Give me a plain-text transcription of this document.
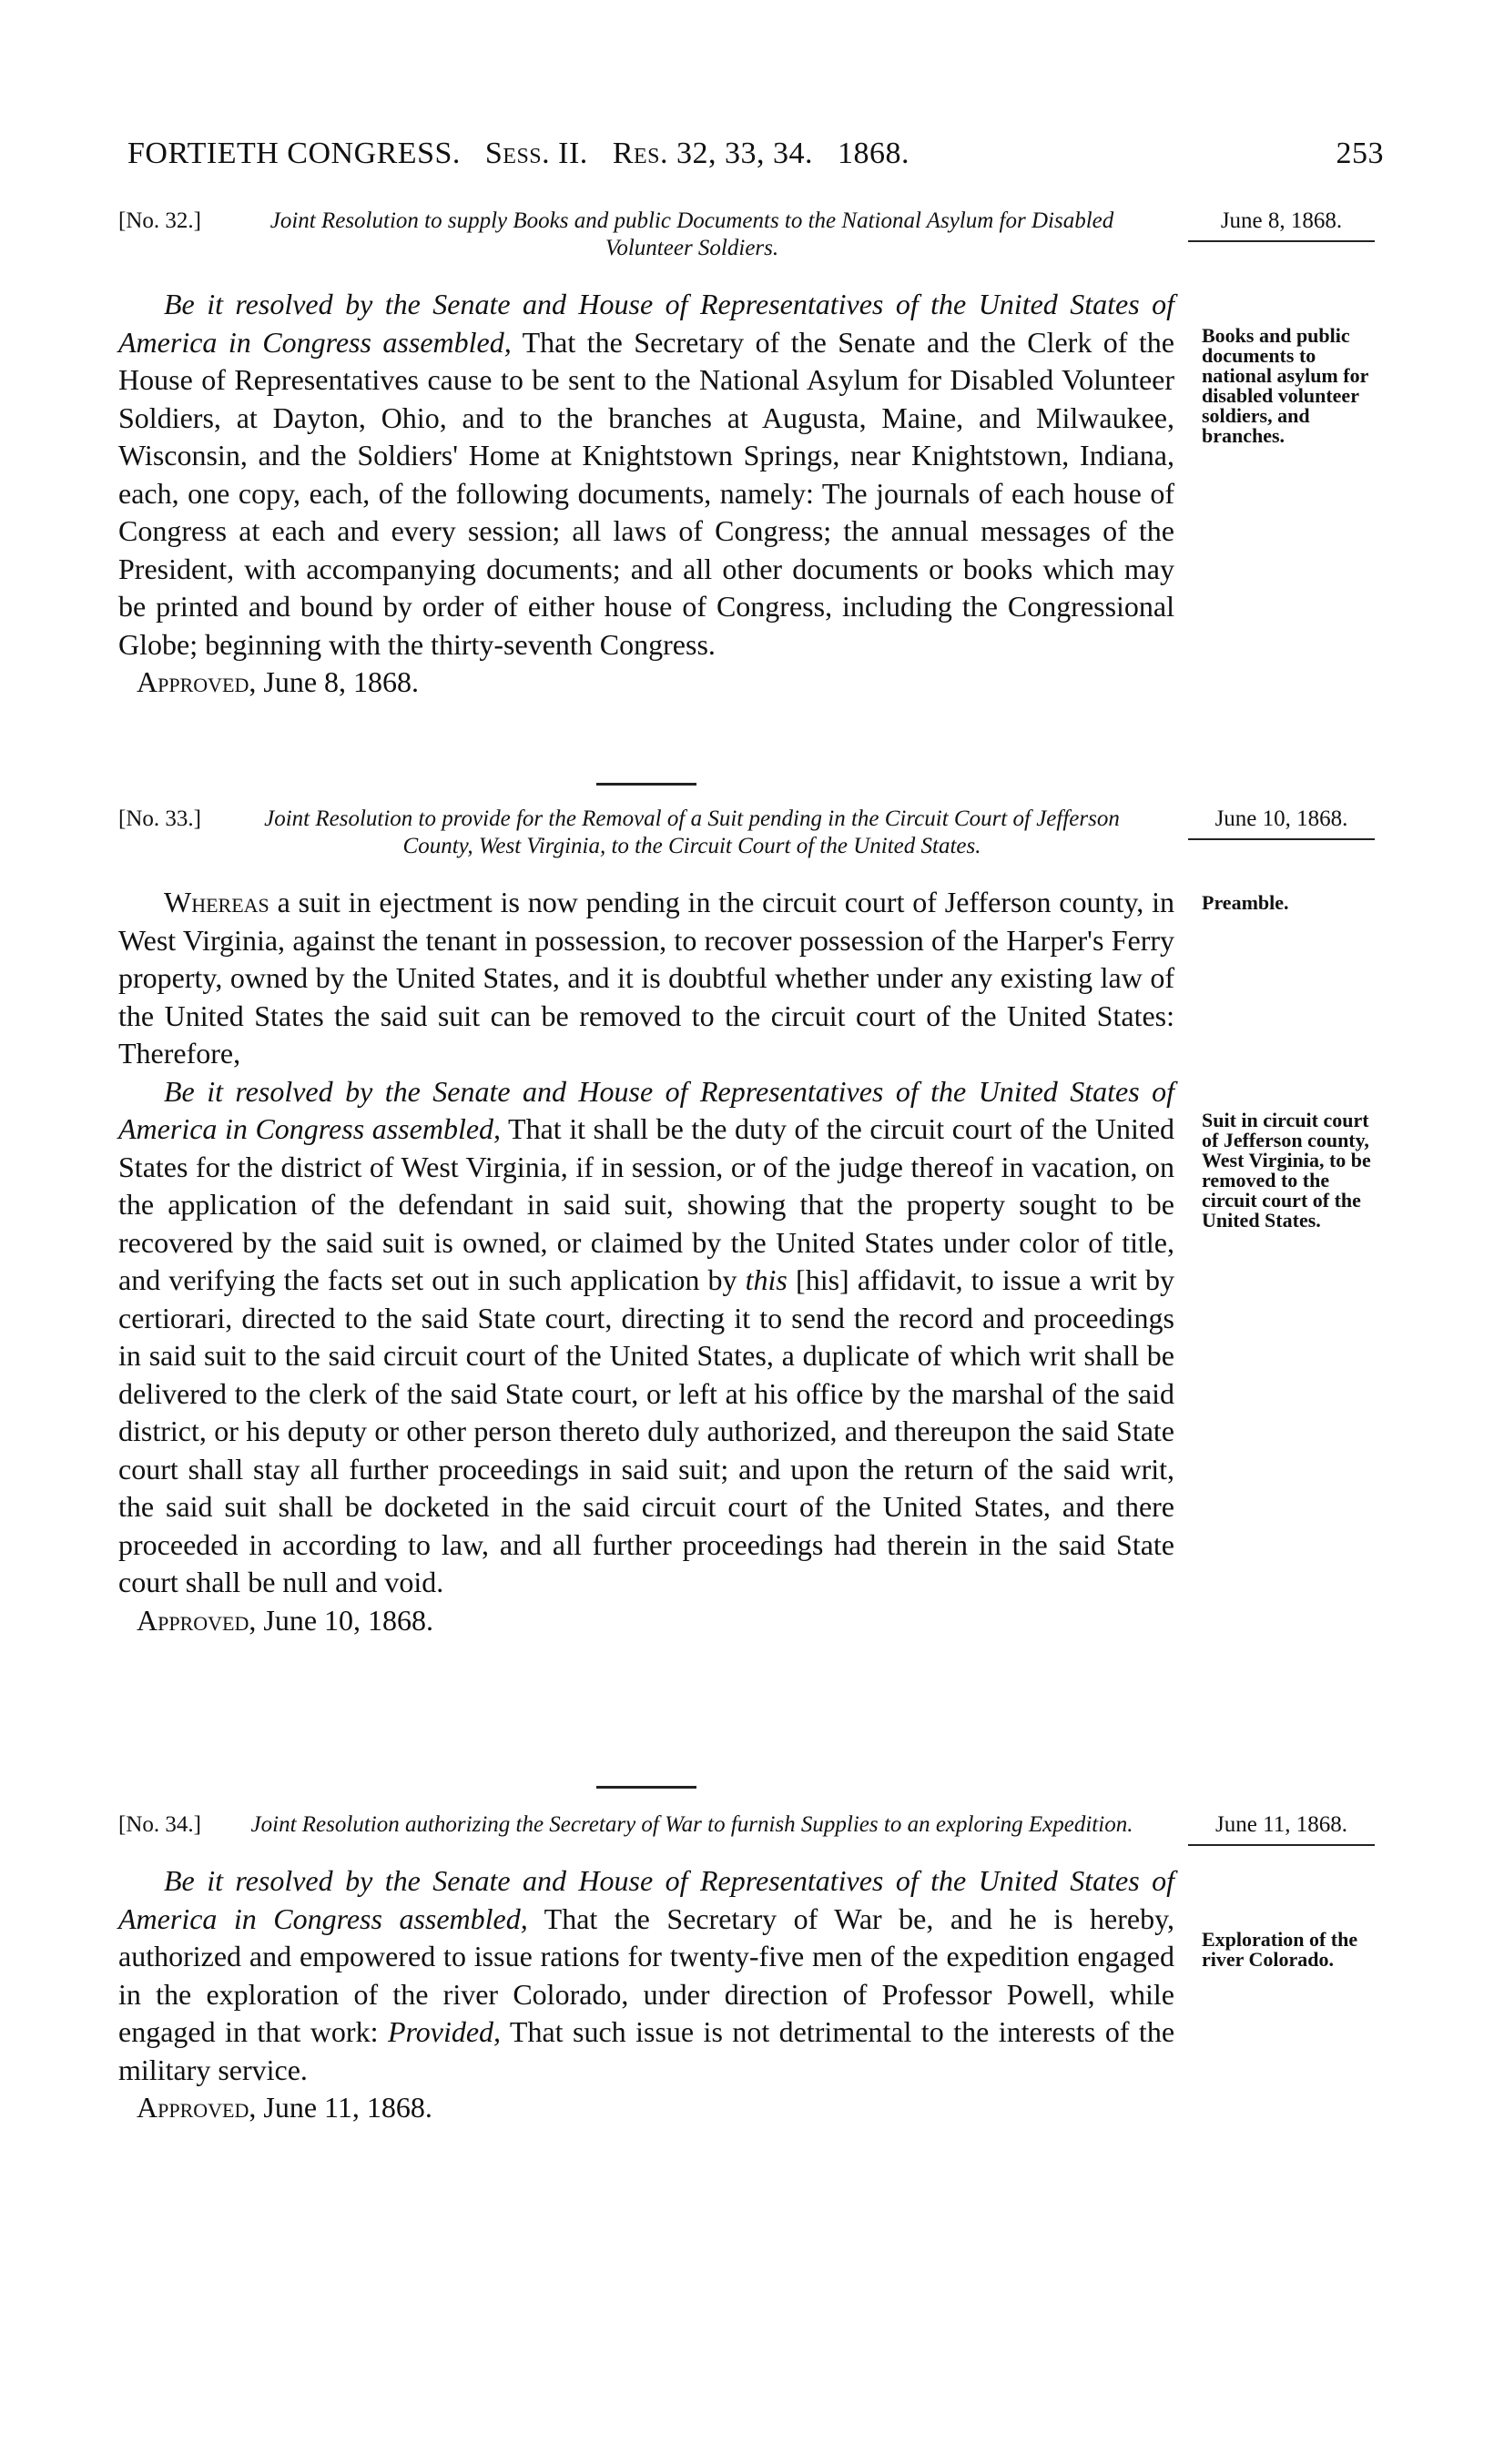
FORTIETH CONGRESS. Sess. II. Res. 32, 33, 34. 1868.	253
[No. 32.]	Joint Resolution to supply Books and public Documents to the National Asylum for Disabled Volunteer Soldiers.
June 8, 1868.

Be it resolved by the Senate and House of Representatives of the United States of America in Congress assembled, That the Secretary of the Senate and the Clerk of the House of Representatives cause to be sent to the National Asylum for Disabled Volunteer Soldiers, at Dayton, Ohio, and to the branches at Augusta, Maine, and Milwaukee, Wisconsin, and the Soldiers' Home at Knightstown Springs, near Knightstown, Indiana, each, one copy, each, of the following documents, namely: The journals of each house of Congress at each and every session; all laws of Congress; the annual messages of the President, with accompanying documents; and all other documents or books which may be printed and bound by order of either house of Congress, including the Congressional Globe; beginning with the thirty-seventh Congress.

Approved, June 8, 1868.

Books and public documents to national asylum for disabled volunteer soldiers, and branches.
[No. 33.]	Joint Resolution to provide for the Removal of a Suit pending in the Circuit Court of Jefferson County, West Virginia, to the Circuit Court of the United States.
June 10, 1868.

Whereas a suit in ejectment is now pending in the circuit court of Jefferson county, in West Virginia, against the tenant in possession, to recover possession of the Harper's Ferry property, owned by the United States, and it is doubtful whether under any existing law of the United States the said suit can be removed to the circuit court of the United States: Therefore,

Be it resolved by the Senate and House of Representatives of the United States of America in Congress assembled, That it shall be the duty of the circuit court of the United States for the district of West Virginia, if in session, or of the judge thereof in vacation, on the application of the defendant in said suit, showing that the property sought to be recovered by the said suit is owned, or claimed by the United States under color of title, and verifying the facts set out in such application by this [his] affidavit, to issue a writ by certiorari, directed to the said State court, directing it to send the record and proceedings in said suit to the said circuit court of the United States, a duplicate of which writ shall be delivered to the clerk of the said State court, or left at his office by the marshal of the said district, or his deputy or other person thereto duly authorized, and thereupon the said State court shall stay all further proceedings in said suit; and upon the return of the said writ, the said suit shall be docketed in the said circuit court of the United States, and there proceeded in according to law, and all further proceedings had therein in the said State court shall be null and void.

Approved, June 10, 1868.

Preamble.
Suit in circuit court of Jefferson county, West Virginia, to be removed to the circuit court of the United States.
[No. 34.]	Joint Resolution authorizing the Secretary of War to furnish Supplies to an exploring Expedition.	June 11, 1868.

Be it resolved by the Senate and House of Representatives of the United States of America in Congress assembled, That the Secretary of War be, and he is hereby, authorized and empowered to issue rations for twenty-five men of the expedition engaged in the exploration of the river Colorado, under direction of Professor Powell, while engaged in that work: Provided, That such issue is not detrimental to the interests of the military service.

Approved, June 11, 1868.

Exploration of the river Colorado.
